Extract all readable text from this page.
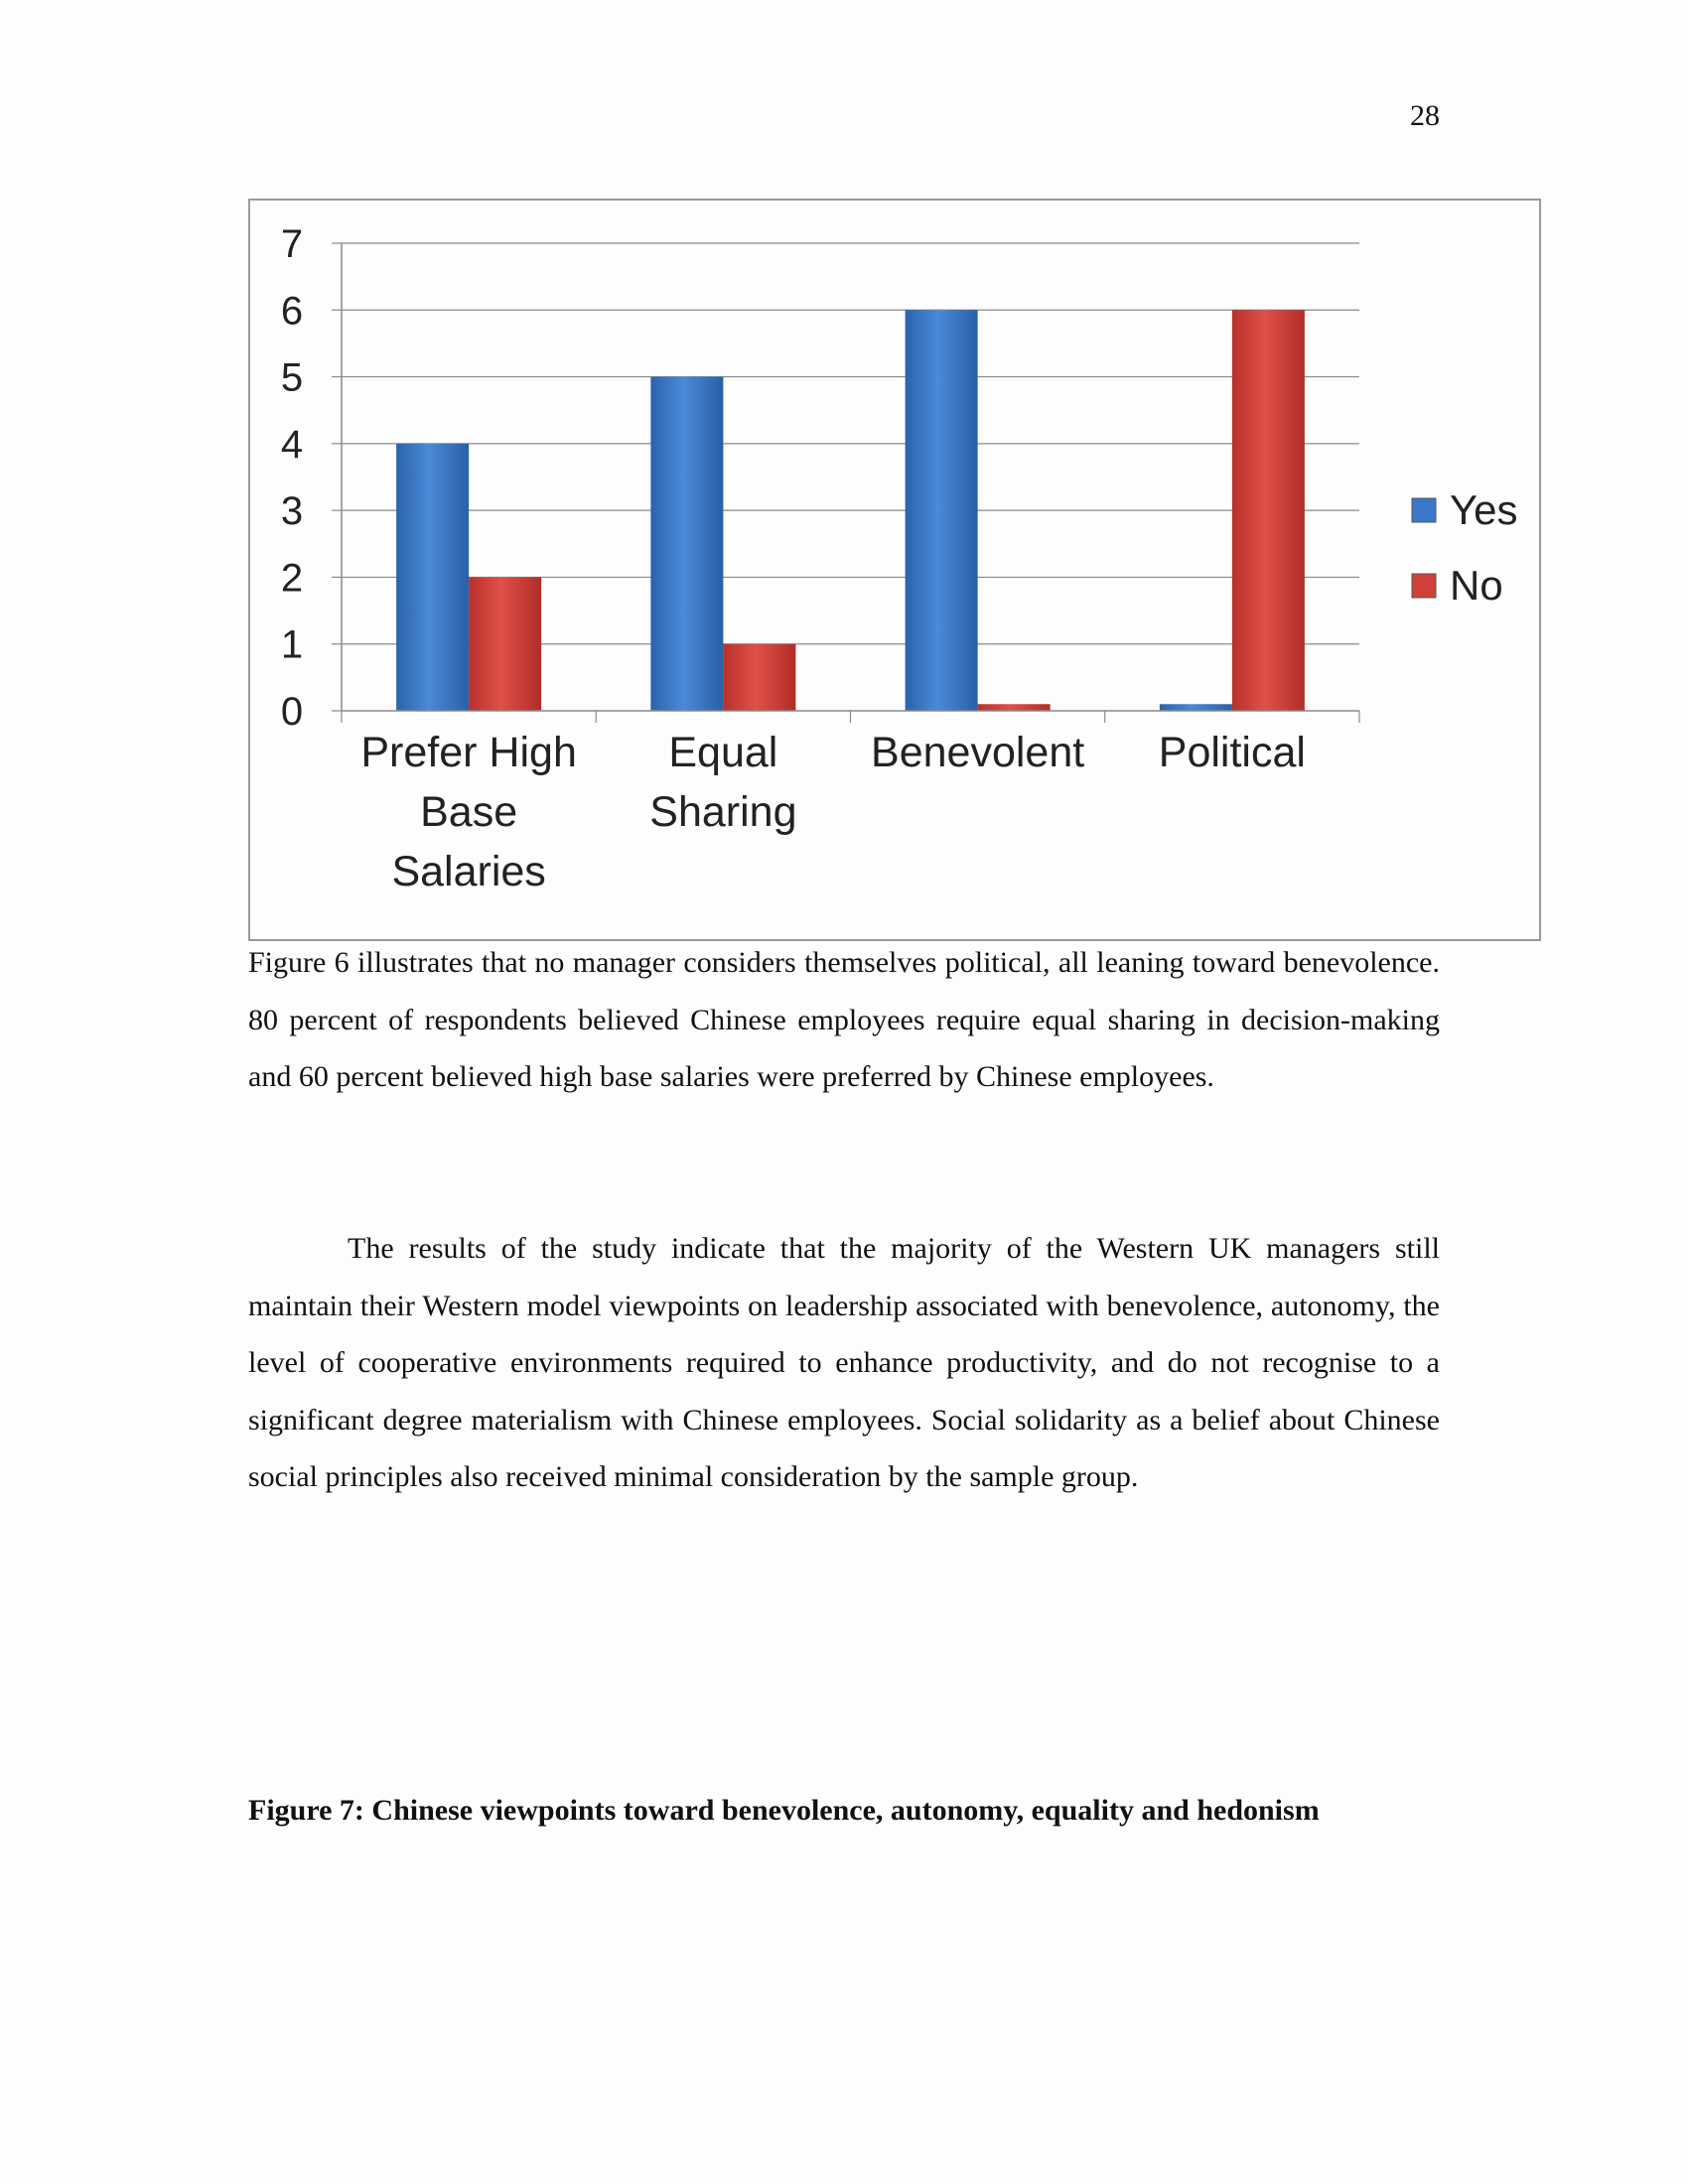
28
0
1
2
3
4
5
6
7
Prefer High
Base
Salaries
Equal
Sharing
Benevolent Political
Yes
No

Figure 6 illustrates that no manager considers themselves political, all leaning toward benevolence. 80 percent of respondents believed Chinese employees require equal sharing in decision-making and 60 percent believed high base salaries were preferred by Chinese employees.

The results of the study indicate that the majority of the Western UK managers still maintain their Western model viewpoints on leadership associated with benevolence, autonomy, the level of cooperative environments required to enhance productivity, and do not recognise to a significant degree materialism with Chinese employees. Social solidarity as a belief about Chinese social principles also received minimal consideration by the sample group.

Figure 7: Chinese viewpoints toward benevolence, autonomy, equality and hedonism
